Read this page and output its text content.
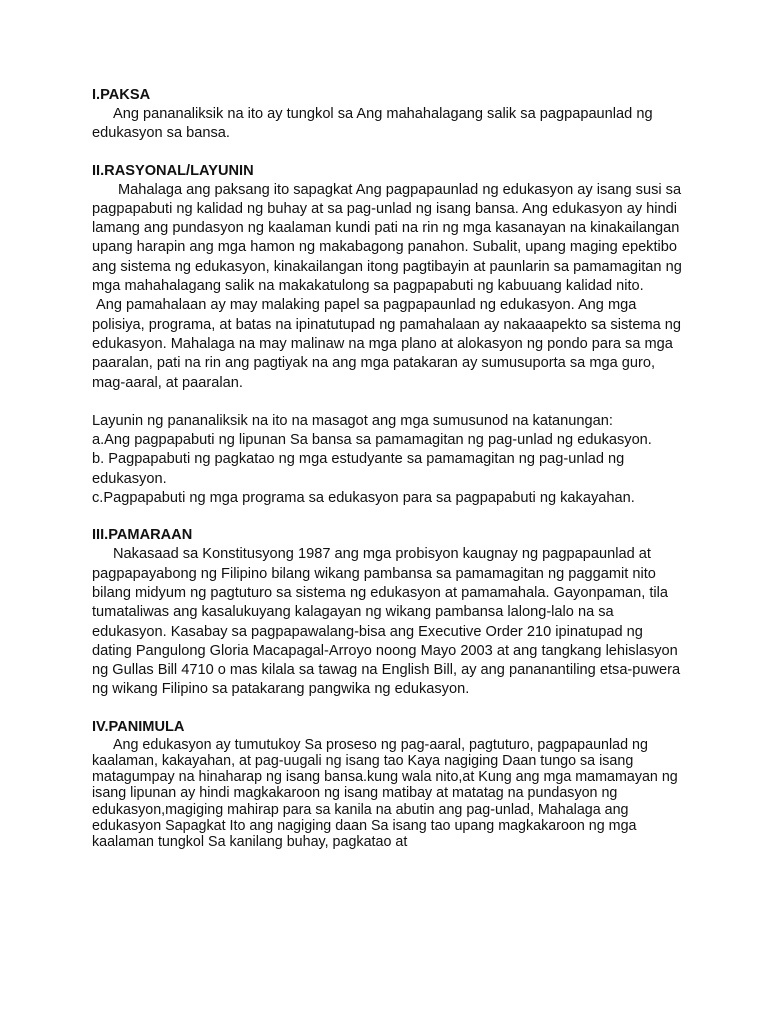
I.PAKSA

Ang pananaliksik na ito ay tungkol sa Ang mahahalagang salik sa pagpapaunlad ng edukasyon sa bansa.

II.RASYONAL/LAYUNIN

Mahalaga ang paksang ito sapagkat Ang pagpapaunlad ng edukasyon ay isang susi sa pagpapabuti ng kalidad ng buhay at sa pag-unlad ng isang bansa. Ang edukasyon ay hindi lamang ang pundasyon ng kaalaman kundi pati na rin ng mga kasanayan na kinakailangan upang harapin ang mga hamon ng makabagong panahon. Subalit, upang maging epektibo ang sistema ng edukasyon, kinakailangan itong pagtibayin at paunlarin sa pamamagitan ng mga mahahalagang salik na makakatulong sa pagpapabuti ng kabuuang kalidad nito.

Ang pamahalaan ay may malaking papel sa pagpapaunlad ng edukasyon. Ang mga polisiya, programa, at batas na ipinatutupad ng pamahalaan ay nakaaapekto sa sistema ng edukasyon. Mahalaga na may malinaw na mga plano at alokasyon ng pondo para sa mga paaralan, pati na rin ang pagtiyak na ang mga patakaran ay sumusuporta sa mga guro, mag-aaral, at paaralan.

Layunin ng pananaliksik na ito na masagot ang mga sumusunod na katanungan:

a.Ang pagpapabuti ng lipunan Sa bansa sa pamamagitan ng pag-unlad ng edukasyon.

b. Pagpapabuti ng pagkatao ng mga estudyante sa pamamagitan ng pag-unlad ng edukasyon.

c.Pagpapabuti ng mga programa sa edukasyon para sa pagpapabuti ng kakayahan.

III.PAMARAAN

Nakasaad sa Konstitusyong 1987 ang mga probisyon kaugnay ng pagpapaunlad at pagpapayabong ng Filipino bilang wikang pambansa sa pamamagitan ng paggamit nito bilang midyum ng pagtuturo sa sistema ng edukasyon at pamamahala. Gayonpaman, tila tumataliwas ang kasalukuyang kalagayan ng wikang pambansa lalong-lalo na sa edukasyon. Kasabay sa pagpapawalang-bisa ang Executive Order 210 ipinatupad ng dating Pangulong Gloria Macapagal-Arroyo noong Mayo 2003 at ang tangkang lehislasyon ng Gullas Bill 4710 o mas kilala sa tawag na English Bill, ay ang pananantiling etsa-puwera ng wikang Filipino sa patakarang pangwika ng edukasyon.

IV.PANIMULA

Ang edukasyon ay tumutukoy Sa proseso ng pag-aaral, pagtuturo, pagpapaunlad ng kaalaman, kakayahan, at pag-uugali ng isang tao Kaya nagiging Daan tungo sa isang matagumpay na hinaharap ng isang bansa.kung wala nito,at Kung ang mga mamamayan ng isang lipunan ay hindi magkakaroon ng isang matibay at matatag na pundasyon ng edukasyon,magiging mahirap para sa kanila na abutin ang pag-unlad, Mahalaga ang edukasyon Sapagkat Ito ang nagiging daan Sa isang tao upang magkakaroon ng mga kaalaman tungkol Sa kanilang buhay, pagkatao at
